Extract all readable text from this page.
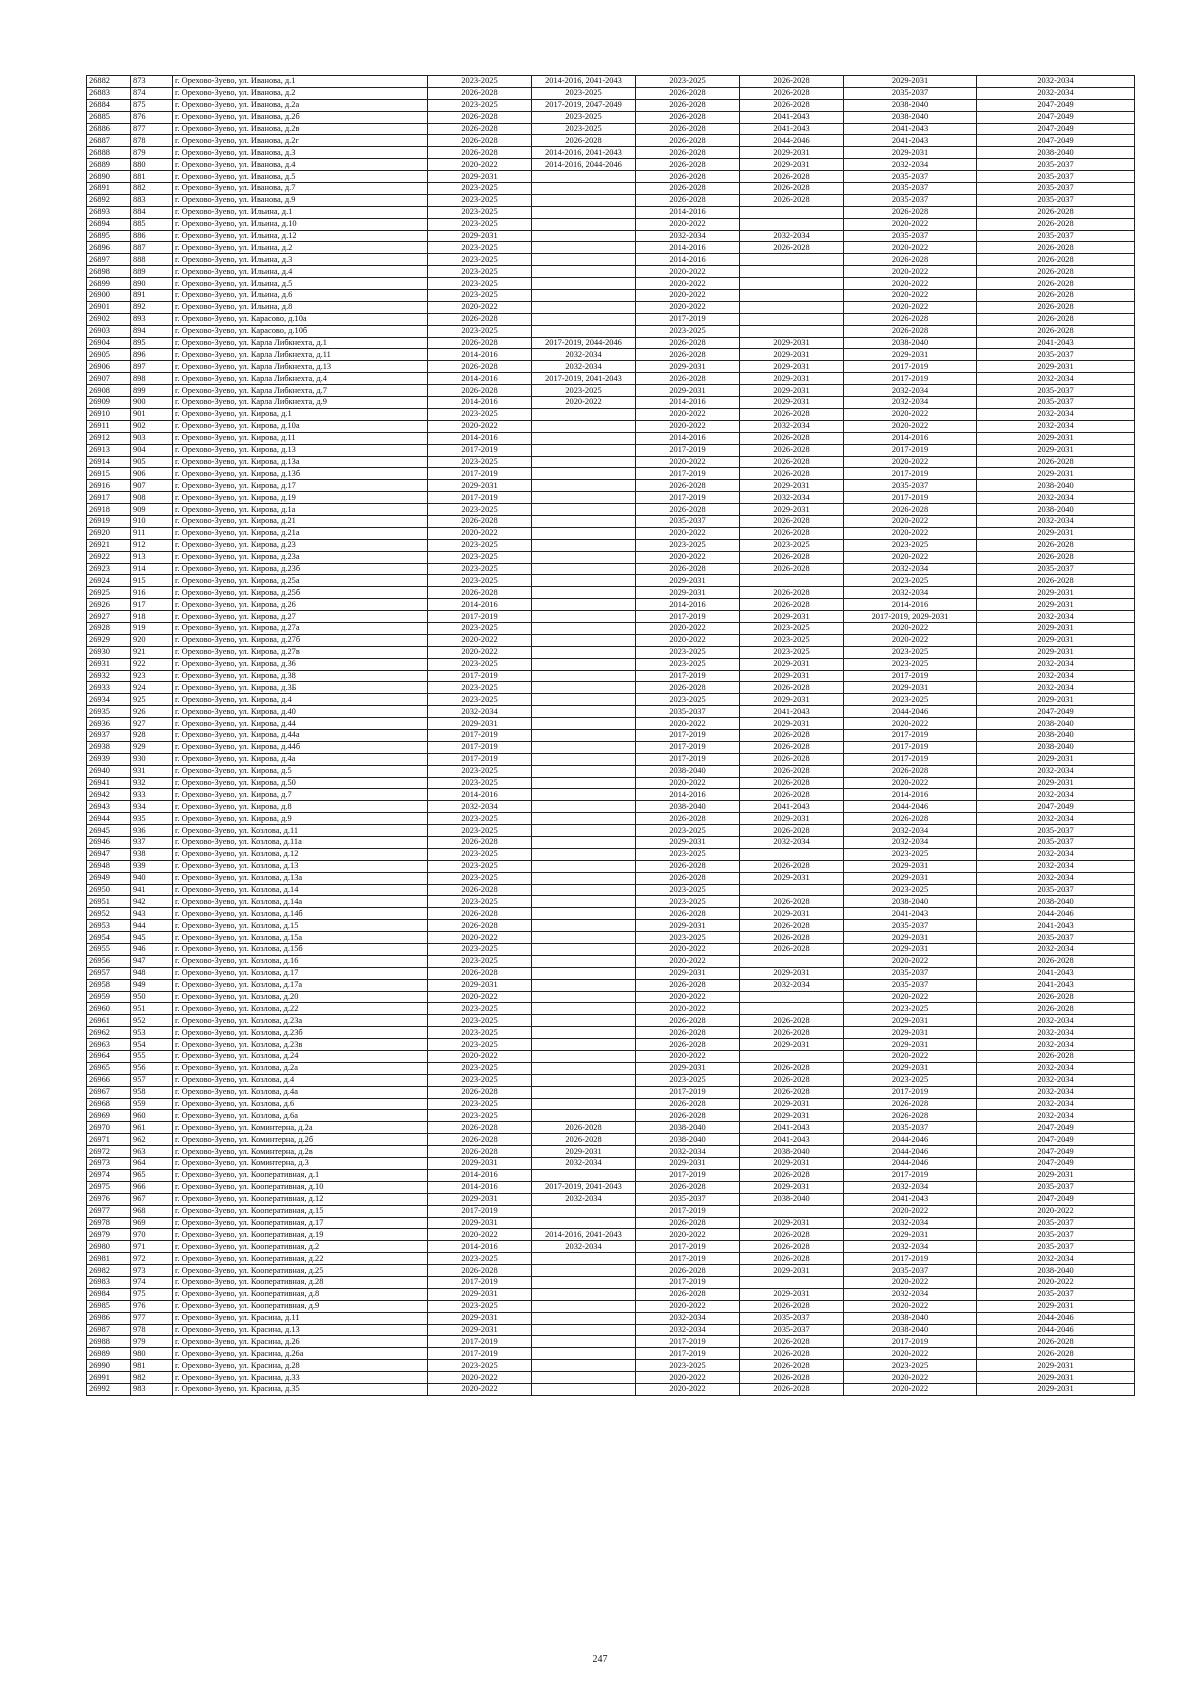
26882	873	г. Орехово-Зуево, ул. Иванова, д.1	2023-2025	2014-2016, 2041-2043	2023-2025	2026-2028	2029-2031	2032-2034
26883	874	г. Орехово-Зуево, ул. Иванова, д.2	2026-2028	2023-2025	2026-2028	2026-2028	2035-2037	2032-2034
26884	875	г. Орехово-Зуево, ул. Иванова, д.2а	2023-2025	2017-2019, 2047-2049	2026-2028	2026-2028	2038-2040	2047-2049
26885	876	г. Орехово-Зуево, ул. Иванова, д.2б	2026-2028	2023-2025	2026-2028	2041-2043	2038-2040	2047-2049
26886	877	г. Орехово-Зуево, ул. Иванова, д.2в	2026-2028	2023-2025	2026-2028	2041-2043	2041-2043	2047-2049
26887	878	г. Орехово-Зуево, ул. Иванова, д.2г	2026-2028	2026-2028	2026-2028	2044-2046	2041-2043	2047-2049
26888	879	г. Орехово-Зуево, ул. Иванова, д.3	2026-2028	2014-2016, 2041-2043	2026-2028	2029-2031	2029-2031	2038-2040
26889	880	г. Орехово-Зуево, ул. Иванова, д.4	2020-2022	2014-2016, 2044-2046	2026-2028	2029-2031	2032-2034	2035-2037
26890	881	г. Орехово-Зуево, ул. Иванова, д.5	2029-2031		2026-2028	2026-2028	2035-2037	2035-2037
26891	882	г. Орехово-Зуево, ул. Иванова, д.7	2023-2025		2026-2028	2026-2028	2035-2037	2035-2037
26892	883	г. Орехово-Зуево, ул. Иванова, д.9	2023-2025		2026-2028	2026-2028	2035-2037	2035-2037
26893	884	г. Орехово-Зуево, ул. Ильина, д.1	2023-2025		2014-2016		2026-2028	2026-2028
26894	885	г. Орехово-Зуево, ул. Ильина, д.10	2023-2025		2020-2022		2020-2022	2026-2028
26895	886	г. Орехово-Зуево, ул. Ильина, д.12	2029-2031		2032-2034	2032-2034	2035-2037	2035-2037
26896	887	г. Орехово-Зуево, ул. Ильина, д.2	2023-2025		2014-2016	2026-2028	2020-2022	2026-2028
26897	888	г. Орехово-Зуево, ул. Ильина, д.3	2023-2025		2014-2016		2026-2028	2026-2028
26898	889	г. Орехово-Зуево, ул. Ильина, д.4	2023-2025		2020-2022		2020-2022	2026-2028
26899	890	г. Орехово-Зуево, ул. Ильина, д.5	2023-2025		2020-2022		2020-2022	2026-2028
26900	891	г. Орехово-Зуево, ул. Ильина, д.6	2023-2025		2020-2022		2020-2022	2026-2028
26901	892	г. Орехово-Зуево, ул. Ильина, д.8	2020-2022		2020-2022		2020-2022	2026-2028
26902	893	г. Орехово-Зуево, ул. Карасово, д.10а	2026-2028		2017-2019		2026-2028	2026-2028
26903	894	г. Орехово-Зуево, ул. Карасово, д.10б	2023-2025		2023-2025		2026-2028	2026-2028
26904	895	г. Орехово-Зуево, ул. Карла Либкнехта, д.1	2026-2028	2017-2019, 2044-2046	2026-2028	2029-2031	2038-2040	2041-2043
26905	896	г. Орехово-Зуево, ул. Карла Либкнехта, д.11	2014-2016	2032-2034	2026-2028	2029-2031	2029-2031	2035-2037
26906	897	г. Орехово-Зуево, ул. Карла Либкнехта, д.13	2026-2028	2032-2034	2029-2031	2029-2031	2017-2019	2029-2031
26907	898	г. Орехово-Зуево, ул. Карла Либкнехта, д.4	2014-2016	2017-2019, 2041-2043	2026-2028	2029-2031	2017-2019	2032-2034
26908	899	г. Орехово-Зуево, ул. Карла Либкнехта, д.7	2026-2028	2023-2025	2029-2031	2029-2031	2032-2034	2035-2037
26909	900	г. Орехово-Зуево, ул. Карла Либкнехта, д.9	2014-2016	2020-2022	2014-2016	2029-2031	2032-2034	2035-2037
26910	901	г. Орехово-Зуево, ул. Кирова, д.1	2023-2025		2020-2022	2026-2028	2020-2022	2032-2034
26911	902	г. Орехово-Зуево, ул. Кирова, д.10а	2020-2022		2020-2022	2032-2034	2020-2022	2032-2034
26912	903	г. Орехово-Зуево, ул. Кирова, д.11	2014-2016		2014-2016	2026-2028	2014-2016	2029-2031
26913	904	г. Орехово-Зуево, ул. Кирова, д.13	2017-2019		2017-2019	2026-2028	2017-2019	2029-2031
26914	905	г. Орехово-Зуево, ул. Кирова, д.13а	2023-2025		2020-2022	2026-2028	2020-2022	2026-2028
26915	906	г. Орехово-Зуево, ул. Кирова, д.13б	2017-2019		2017-2019	2026-2028	2017-2019	2029-2031
26916	907	г. Орехово-Зуево, ул. Кирова, д.17	2029-2031		2026-2028	2029-2031	2035-2037	2038-2040
26917	908	г. Орехово-Зуево, ул. Кирова, д.19	2017-2019		2017-2019	2032-2034	2017-2019	2032-2034
26918	909	г. Орехово-Зуево, ул. Кирова, д.1а	2023-2025		2026-2028	2029-2031	2026-2028	2038-2040
26919	910	г. Орехово-Зуево, ул. Кирова, д.21	2026-2028		2035-2037	2026-2028	2020-2022	2032-2034
26920	911	г. Орехово-Зуево, ул. Кирова, д.21а	2020-2022		2020-2022	2026-2028	2020-2022	2029-2031
26921	912	г. Орехово-Зуево, ул. Кирова, д.23	2023-2025		2023-2025	2023-2025	2023-2025	2026-2028
26922	913	г. Орехово-Зуево, ул. Кирова, д.23а	2023-2025		2020-2022	2026-2028	2020-2022	2026-2028
26923	914	г. Орехово-Зуево, ул. Кирова, д.23б	2023-2025		2026-2028	2026-2028	2032-2034	2035-2037
26924	915	г. Орехово-Зуево, ул. Кирова, д.25а	2023-2025		2029-2031		2023-2025	2026-2028
26925	916	г. Орехово-Зуево, ул. Кирова, д.25б	2026-2028		2029-2031	2026-2028	2032-2034	2029-2031
26926	917	г. Орехово-Зуево, ул. Кирова, д.26	2014-2016		2014-2016	2026-2028	2014-2016	2029-2031
26927	918	г. Орехово-Зуево, ул. Кирова, д.27	2017-2019		2017-2019	2029-2031	2017-2019, 2029-2031	2032-2034
26928	919	г. Орехово-Зуево, ул. Кирова, д.27а	2023-2025		2020-2022	2023-2025	2020-2022	2029-2031
26929	920	г. Орехово-Зуево, ул. Кирова, д.27б	2020-2022		2020-2022	2023-2025	2020-2022	2029-2031
26930	921	г. Орехово-Зуево, ул. Кирова, д.27в	2020-2022		2023-2025	2023-2025	2023-2025	2029-2031
26931	922	г. Орехово-Зуево, ул. Кирова, д.36	2023-2025		2023-2025	2029-2031	2023-2025	2032-2034
26932	923	г. Орехово-Зуево, ул. Кирова, д.38	2017-2019		2017-2019	2029-2031	2017-2019	2032-2034
26933	924	г. Орехово-Зуево, ул. Кирова, д.3Б	2023-2025		2026-2028	2026-2028	2029-2031	2032-2034
26934	925	г. Орехово-Зуево, ул. Кирова, д.4	2023-2025		2023-2025	2029-2031	2023-2025	2029-2031
26935	926	г. Орехово-Зуево, ул. Кирова, д.40	2032-2034		2035-2037	2041-2043	2044-2046	2047-2049
26936	927	г. Орехово-Зуево, ул. Кирова, д.44	2029-2031		2020-2022	2029-2031	2020-2022	2038-2040
26937	928	г. Орехово-Зуево, ул. Кирова, д.44а	2017-2019		2017-2019	2026-2028	2017-2019	2038-2040
26938	929	г. Орехово-Зуево, ул. Кирова, д.44б	2017-2019		2017-2019	2026-2028	2017-2019	2038-2040
26939	930	г. Орехово-Зуево, ул. Кирова, д.4а	2017-2019		2017-2019	2026-2028	2017-2019	2029-2031
26940	931	г. Орехово-Зуево, ул. Кирова, д.5	2023-2025		2038-2040	2026-2028	2026-2028	2032-2034
26941	932	г. Орехово-Зуево, ул. Кирова, д.50	2023-2025		2020-2022	2026-2028	2020-2022	2029-2031
26942	933	г. Орехово-Зуево, ул. Кирова, д.7	2014-2016		2014-2016	2026-2028	2014-2016	2032-2034
26943	934	г. Орехово-Зуево, ул. Кирова, д.8	2032-2034		2038-2040	2041-2043	2044-2046	2047-2049
26944	935	г. Орехово-Зуево, ул. Кирова, д.9	2023-2025		2026-2028	2029-2031	2026-2028	2032-2034
26945	936	г. Орехово-Зуево, ул. Козлова, д.11	2023-2025		2023-2025	2026-2028	2032-2034	2035-2037
26946	937	г. Орехово-Зуево, ул. Козлова, д.11а	2026-2028		2029-2031	2032-2034	2032-2034	2035-2037
26947	938	г. Орехово-Зуево, ул. Козлова, д.12	2023-2025		2023-2025		2023-2025	2032-2034
26948	939	г. Орехово-Зуево, ул. Козлова, д.13	2023-2025		2026-2028	2026-2028	2029-2031	2032-2034
26949	940	г. Орехово-Зуево, ул. Козлова, д.13а	2023-2025		2026-2028	2029-2031	2029-2031	2032-2034
26950	941	г. Орехово-Зуево, ул. Козлова, д.14	2026-2028		2023-2025		2023-2025	2035-2037
26951	942	г. Орехово-Зуево, ул. Козлова, д.14а	2023-2025		2023-2025	2026-2028	2038-2040	2038-2040
26952	943	г. Орехово-Зуево, ул. Козлова, д.14б	2026-2028		2026-2028	2029-2031	2041-2043	2044-2046
26953	944	г. Орехово-Зуево, ул. Козлова, д.15	2026-2028		2029-2031	2026-2028	2035-2037	2041-2043
26954	945	г. Орехово-Зуево, ул. Козлова, д.15а	2020-2022		2023-2025	2026-2028	2029-2031	2035-2037
26955	946	г. Орехово-Зуево, ул. Козлова, д.15б	2023-2025		2020-2022	2026-2028	2029-2031	2032-2034
26956	947	г. Орехово-Зуево, ул. Козлова, д.16	2023-2025		2020-2022		2020-2022	2026-2028
26957	948	г. Орехово-Зуево, ул. Козлова, д.17	2026-2028		2029-2031	2029-2031	2035-2037	2041-2043
26958	949	г. Орехово-Зуево, ул. Козлова, д.17а	2029-2031		2026-2028	2032-2034	2035-2037	2041-2043
26959	950	г. Орехово-Зуево, ул. Козлова, д.20	2020-2022		2020-2022		2020-2022	2026-2028
26960	951	г. Орехово-Зуево, ул. Козлова, д.22	2023-2025		2020-2022		2023-2025	2026-2028
26961	952	г. Орехово-Зуево, ул. Козлова, д.23а	2023-2025		2026-2028	2026-2028	2029-2031	2032-2034
26962	953	г. Орехово-Зуево, ул. Козлова, д.23б	2023-2025		2026-2028	2026-2028	2029-2031	2032-2034
26963	954	г. Орехово-Зуево, ул. Козлова, д.23в	2023-2025		2026-2028	2029-2031	2029-2031	2032-2034
26964	955	г. Орехово-Зуево, ул. Козлова, д.24	2020-2022		2020-2022		2020-2022	2026-2028
26965	956	г. Орехово-Зуево, ул. Козлова, д.2а	2023-2025		2029-2031	2026-2028	2029-2031	2032-2034
26966	957	г. Орехово-Зуево, ул. Козлова, д.4	2023-2025		2023-2025	2026-2028	2023-2025	2032-2034
26967	958	г. Орехово-Зуево, ул. Козлова, д.4а	2026-2028		2017-2019	2026-2028	2017-2019	2032-2034
26968	959	г. Орехово-Зуево, ул. Козлова, д.6	2023-2025		2026-2028	2029-2031	2026-2028	2032-2034
26969	960	г. Орехово-Зуево, ул. Козлова, д.6а	2023-2025		2026-2028	2029-2031	2026-2028	2032-2034
26970	961	г. Орехово-Зуево, ул. Коминтерна, д.2а	2026-2028	2026-2028	2038-2040	2041-2043	2035-2037	2047-2049
26971	962	г. Орехово-Зуево, ул. Коминтерна, д.2б	2026-2028	2026-2028	2038-2040	2041-2043	2044-2046	2047-2049
26972	963	г. Орехово-Зуево, ул. Коминтерна, д.2в	2026-2028	2029-2031	2032-2034	2038-2040	2044-2046	2047-2049
26973	964	г. Орехово-Зуево, ул. Коминтерна, д.3	2029-2031	2032-2034	2029-2031	2029-2031	2044-2046	2047-2049
26974	965	г. Орехово-Зуево, ул. Кооперативная, д.1	2014-2016		2017-2019	2026-2028	2017-2019	2029-2031
26975	966	г. Орехово-Зуево, ул. Кооперативная, д.10	2014-2016	2017-2019, 2041-2043	2026-2028	2029-2031	2032-2034	2035-2037
26976	967	г. Орехово-Зуево, ул. Кооперативная, д.12	2029-2031	2032-2034	2035-2037	2038-2040	2041-2043	2047-2049
26977	968	г. Орехово-Зуево, ул. Кооперативная, д.15	2017-2019		2017-2019		2020-2022	2020-2022
26978	969	г. Орехово-Зуево, ул. Кооперативная, д.17	2029-2031		2026-2028	2029-2031	2032-2034	2035-2037
26979	970	г. Орехово-Зуево, ул. Кооперативная, д.19	2020-2022	2014-2016, 2041-2043	2020-2022	2026-2028	2029-2031	2035-2037
26980	971	г. Орехово-Зуево, ул. Кооперативная, д.2	2014-2016	2032-2034	2017-2019	2026-2028	2032-2034	2035-2037
26981	972	г. Орехово-Зуево, ул. Кооперативная, д.22	2023-2025		2017-2019	2026-2028	2017-2019	2032-2034
26982	973	г. Орехово-Зуево, ул. Кооперативная, д.25	2026-2028		2026-2028	2029-2031	2035-2037	2038-2040
26983	974	г. Орехово-Зуево, ул. Кооперативная, д.28	2017-2019		2017-2019		2020-2022	2020-2022
26984	975	г. Орехово-Зуево, ул. Кооперативная, д.8	2029-2031		2026-2028	2029-2031	2032-2034	2035-2037
26985	976	г. Орехово-Зуево, ул. Кооперативная, д.9	2023-2025		2020-2022	2026-2028	2020-2022	2029-2031
26986	977	г. Орехово-Зуево, ул. Красина, д.11	2029-2031		2032-2034	2035-2037	2038-2040	2044-2046
26987	978	г. Орехово-Зуево, ул. Красина, д.13	2029-2031		2032-2034	2035-2037	2038-2040	2044-2046
26988	979	г. Орехово-Зуево, ул. Красина, д.26	2017-2019		2017-2019	2026-2028	2017-2019	2026-2028
26989	980	г. Орехово-Зуево, ул. Красина, д.26а	2017-2019		2017-2019	2026-2028	2020-2022	2026-2028
26990	981	г. Орехово-Зуево, ул. Красина, д.28	2023-2025		2023-2025	2026-2028	2023-2025	2029-2031
26991	982	г. Орехово-Зуево, ул. Красина, д.33	2020-2022		2020-2022	2026-2028	2020-2022	2029-2031
26992	983	г. Орехово-Зуево, ул. Красина, д.35	2020-2022		2020-2022	2026-2028	2020-2022	2029-2031
247
